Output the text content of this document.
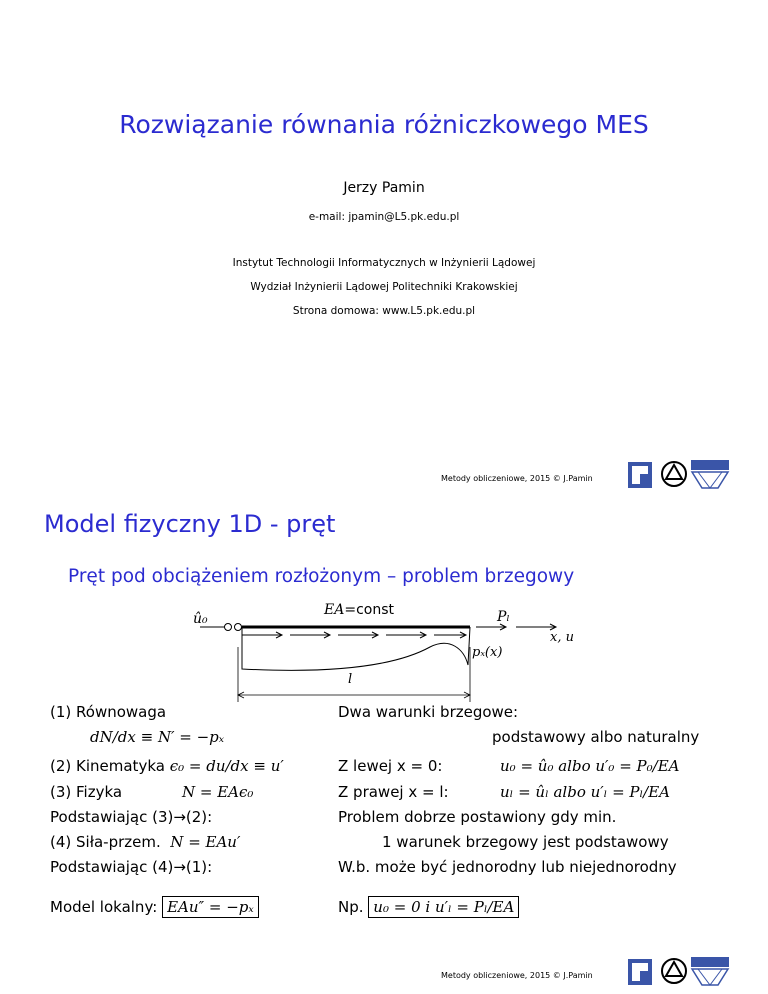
Rozwiązanie równania różniczkowego MES
Jerzy Pamin
e-mail: jpamin@L5.pk.edu.pl
Instytut Technologii Informatycznych w Inżynierii Lądowej
Wydział Inżynierii Lądowej Politechniki Krakowskiej
Strona domowa: www.L5.pk.edu.pl
Metody obliczeniowe, 2015 © J.Pamin
Model fizyczny 1D - pręt
Pręt pod obciążeniem rozłożonym – problem brzegowy
û₀
EA=const	Pₗ
x, u
pₓ(x)
l
(1) Równowaga
dN/dx ≡ N′ = −pₓ
(2) Kinematyka ϵ₀ = du/dx ≡ u′
(3) Fizyka	N = EAϵ₀
Podstawiając (3)→(2):
(4) Siła-przem. N = EAu′
Podstawiając (4)→(1):
Model lokalny: EAu″ = −pₓ
Dwa warunki brzegowe:
podstawowy albo naturalny
Z lewej x = 0:	u₀ = û₀ albo u′₀ = P₀/EA
Z prawej x = l:	uₗ = ûₗ albo u′ₗ = Pₗ/EA
Problem dobrze postawiony gdy min.
1 warunek brzegowy jest podstawowy
W.b. może być jednorodny lub niejednorodny
Np. u₀ = 0 i u′ₗ = Pₗ/EA
Metody obliczeniowe, 2015 © J.Pamin
